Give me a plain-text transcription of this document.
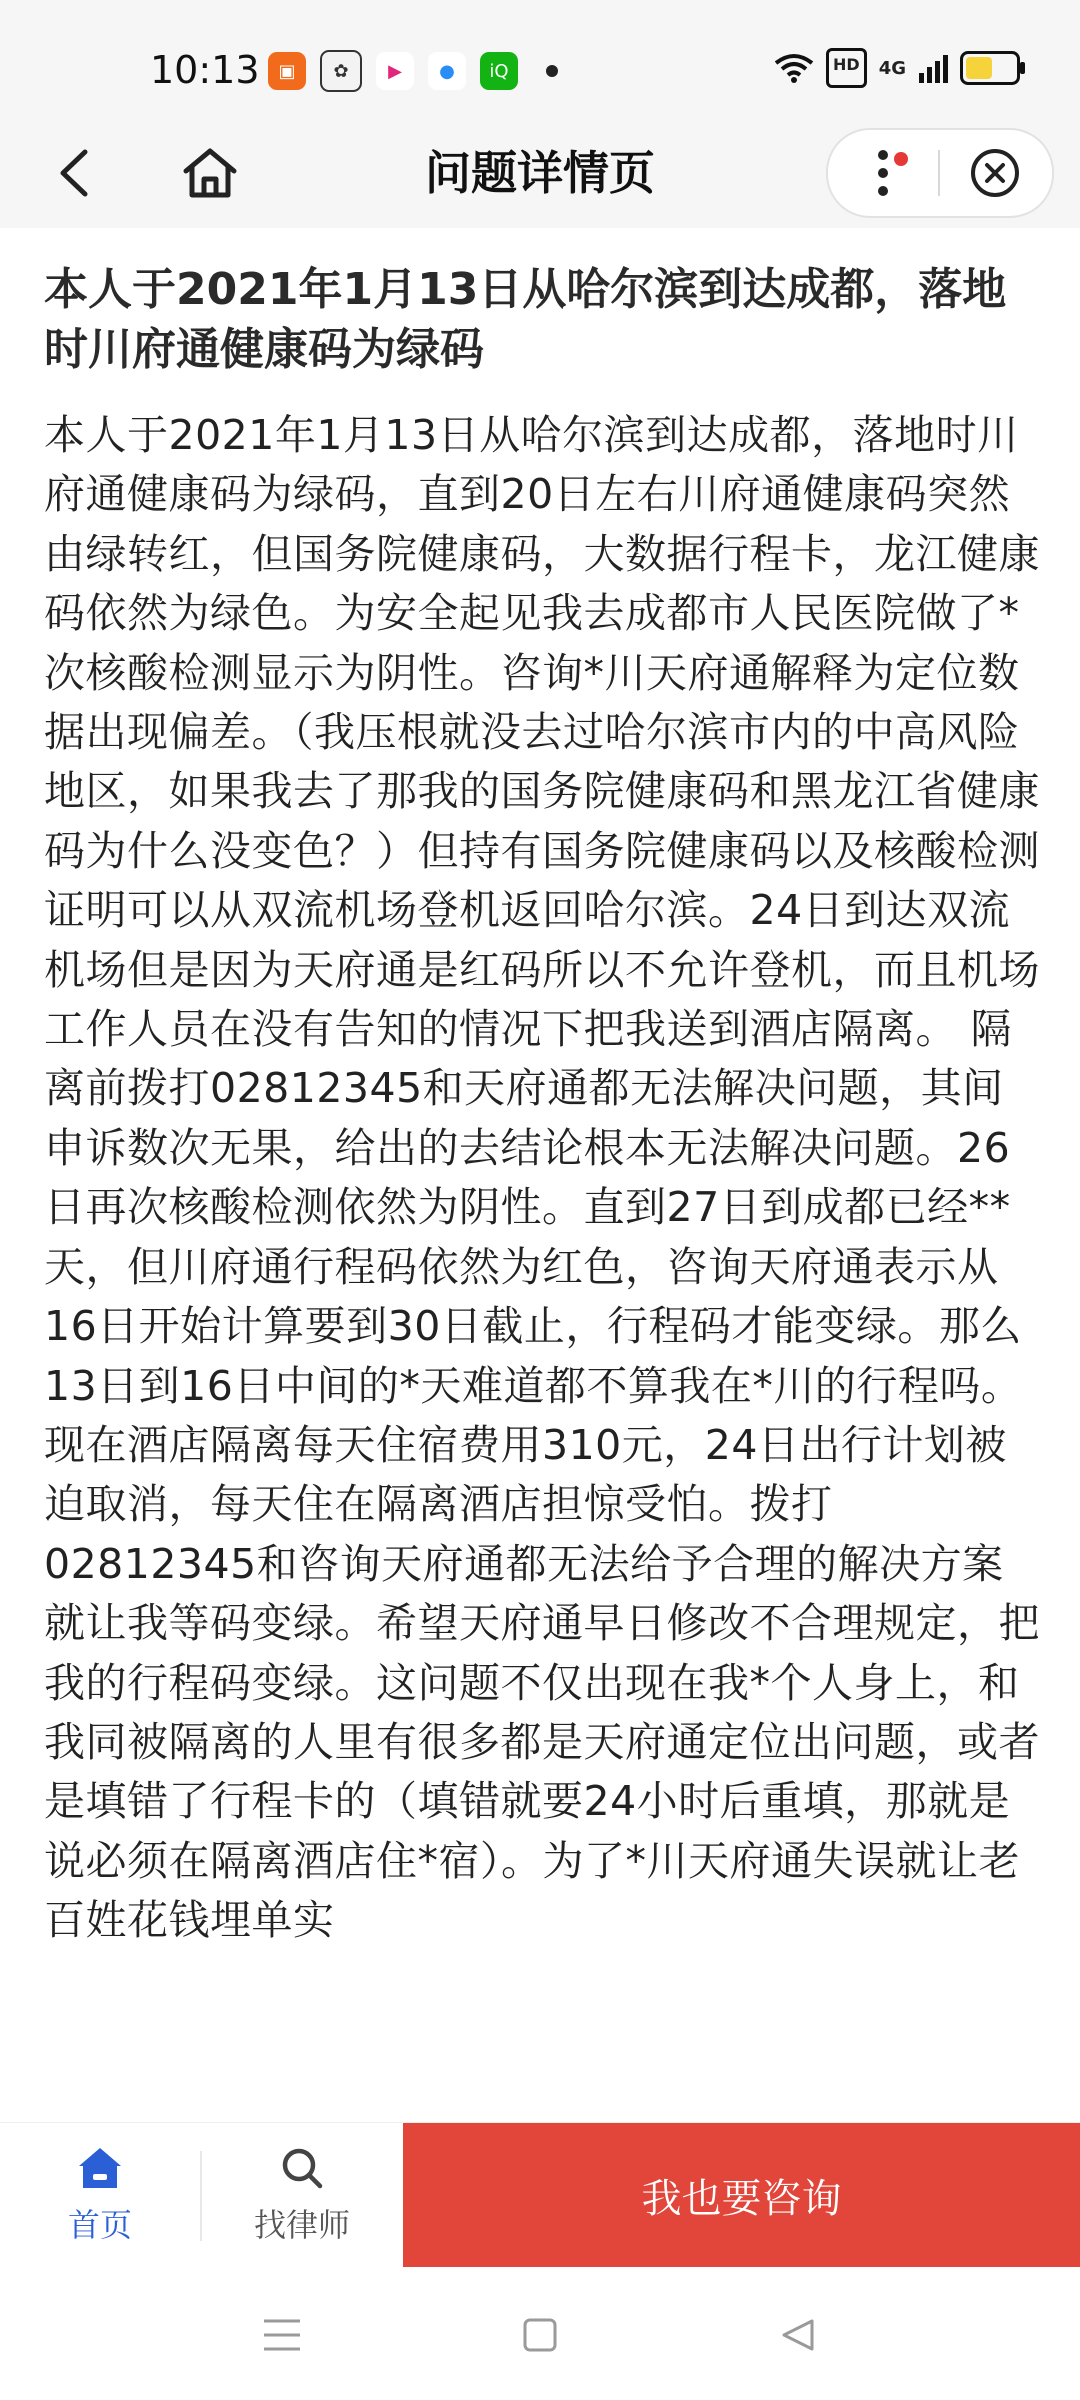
10:13	▣	✿	▶	●	iQ	HD	4G
问题详情页
本人于2021年1月13日从哈尔滨到达成都，落地时川府通健康码为绿码
本人于2021年1月13日从哈尔滨到达成都，落地时川府通健康码为绿码，直到20日左右川府通健康码突然由绿转红，但国务院健康码，大数据行程卡，龙江健康码依然为绿色。为安全起见我去成都市人民医院做了*次核酸检测显示为阴性。咨询*川天府通解释为定位数据出现偏差。（我压根就没去过哈尔滨市内的中高风险地区，如果我去了那我的国务院健康码和黑龙江省健康码为什么没变色？）但持有国务院健康码以及核酸检测证明可以从双流机场登机返回哈尔滨。24日到达双流机场但是因为天府通是红码所以不允许登机，而且机场工作人员在没有告知的情况下把我送到酒店隔离。 隔离前拨打02812345和天府通都无法解决问题，其间申诉数次无果，给出的去结论根本无法解决问题。26日再次核酸检测依然为阴性。直到27日到成都已经**天，但川府通行程码依然为红色，咨询天府通表示从16日开始计算要到30日截止，行程码才能变绿。那么13日到16日中间的*天难道都不算我在*川的行程吗。现在酒店隔离每天住宿费用310元，24日出行计划被迫取消，每天住在隔离酒店担惊受怕。拨打02812345和咨询天府通都无法给予合理的解决方案就让我等码变绿。希望天府通早日修改不合理规定，把我的行程码变绿。这问题不仅出现在我*个人身上，和我同被隔离的人里有很多都是天府通定位出问题，或者是填错了行程卡的（填错就要24小时后重填，那就是说必须在隔离酒店住*宿）。为了*川天府通失误就让老百姓花钱埋单实
首页	找律师
我也要咨询
